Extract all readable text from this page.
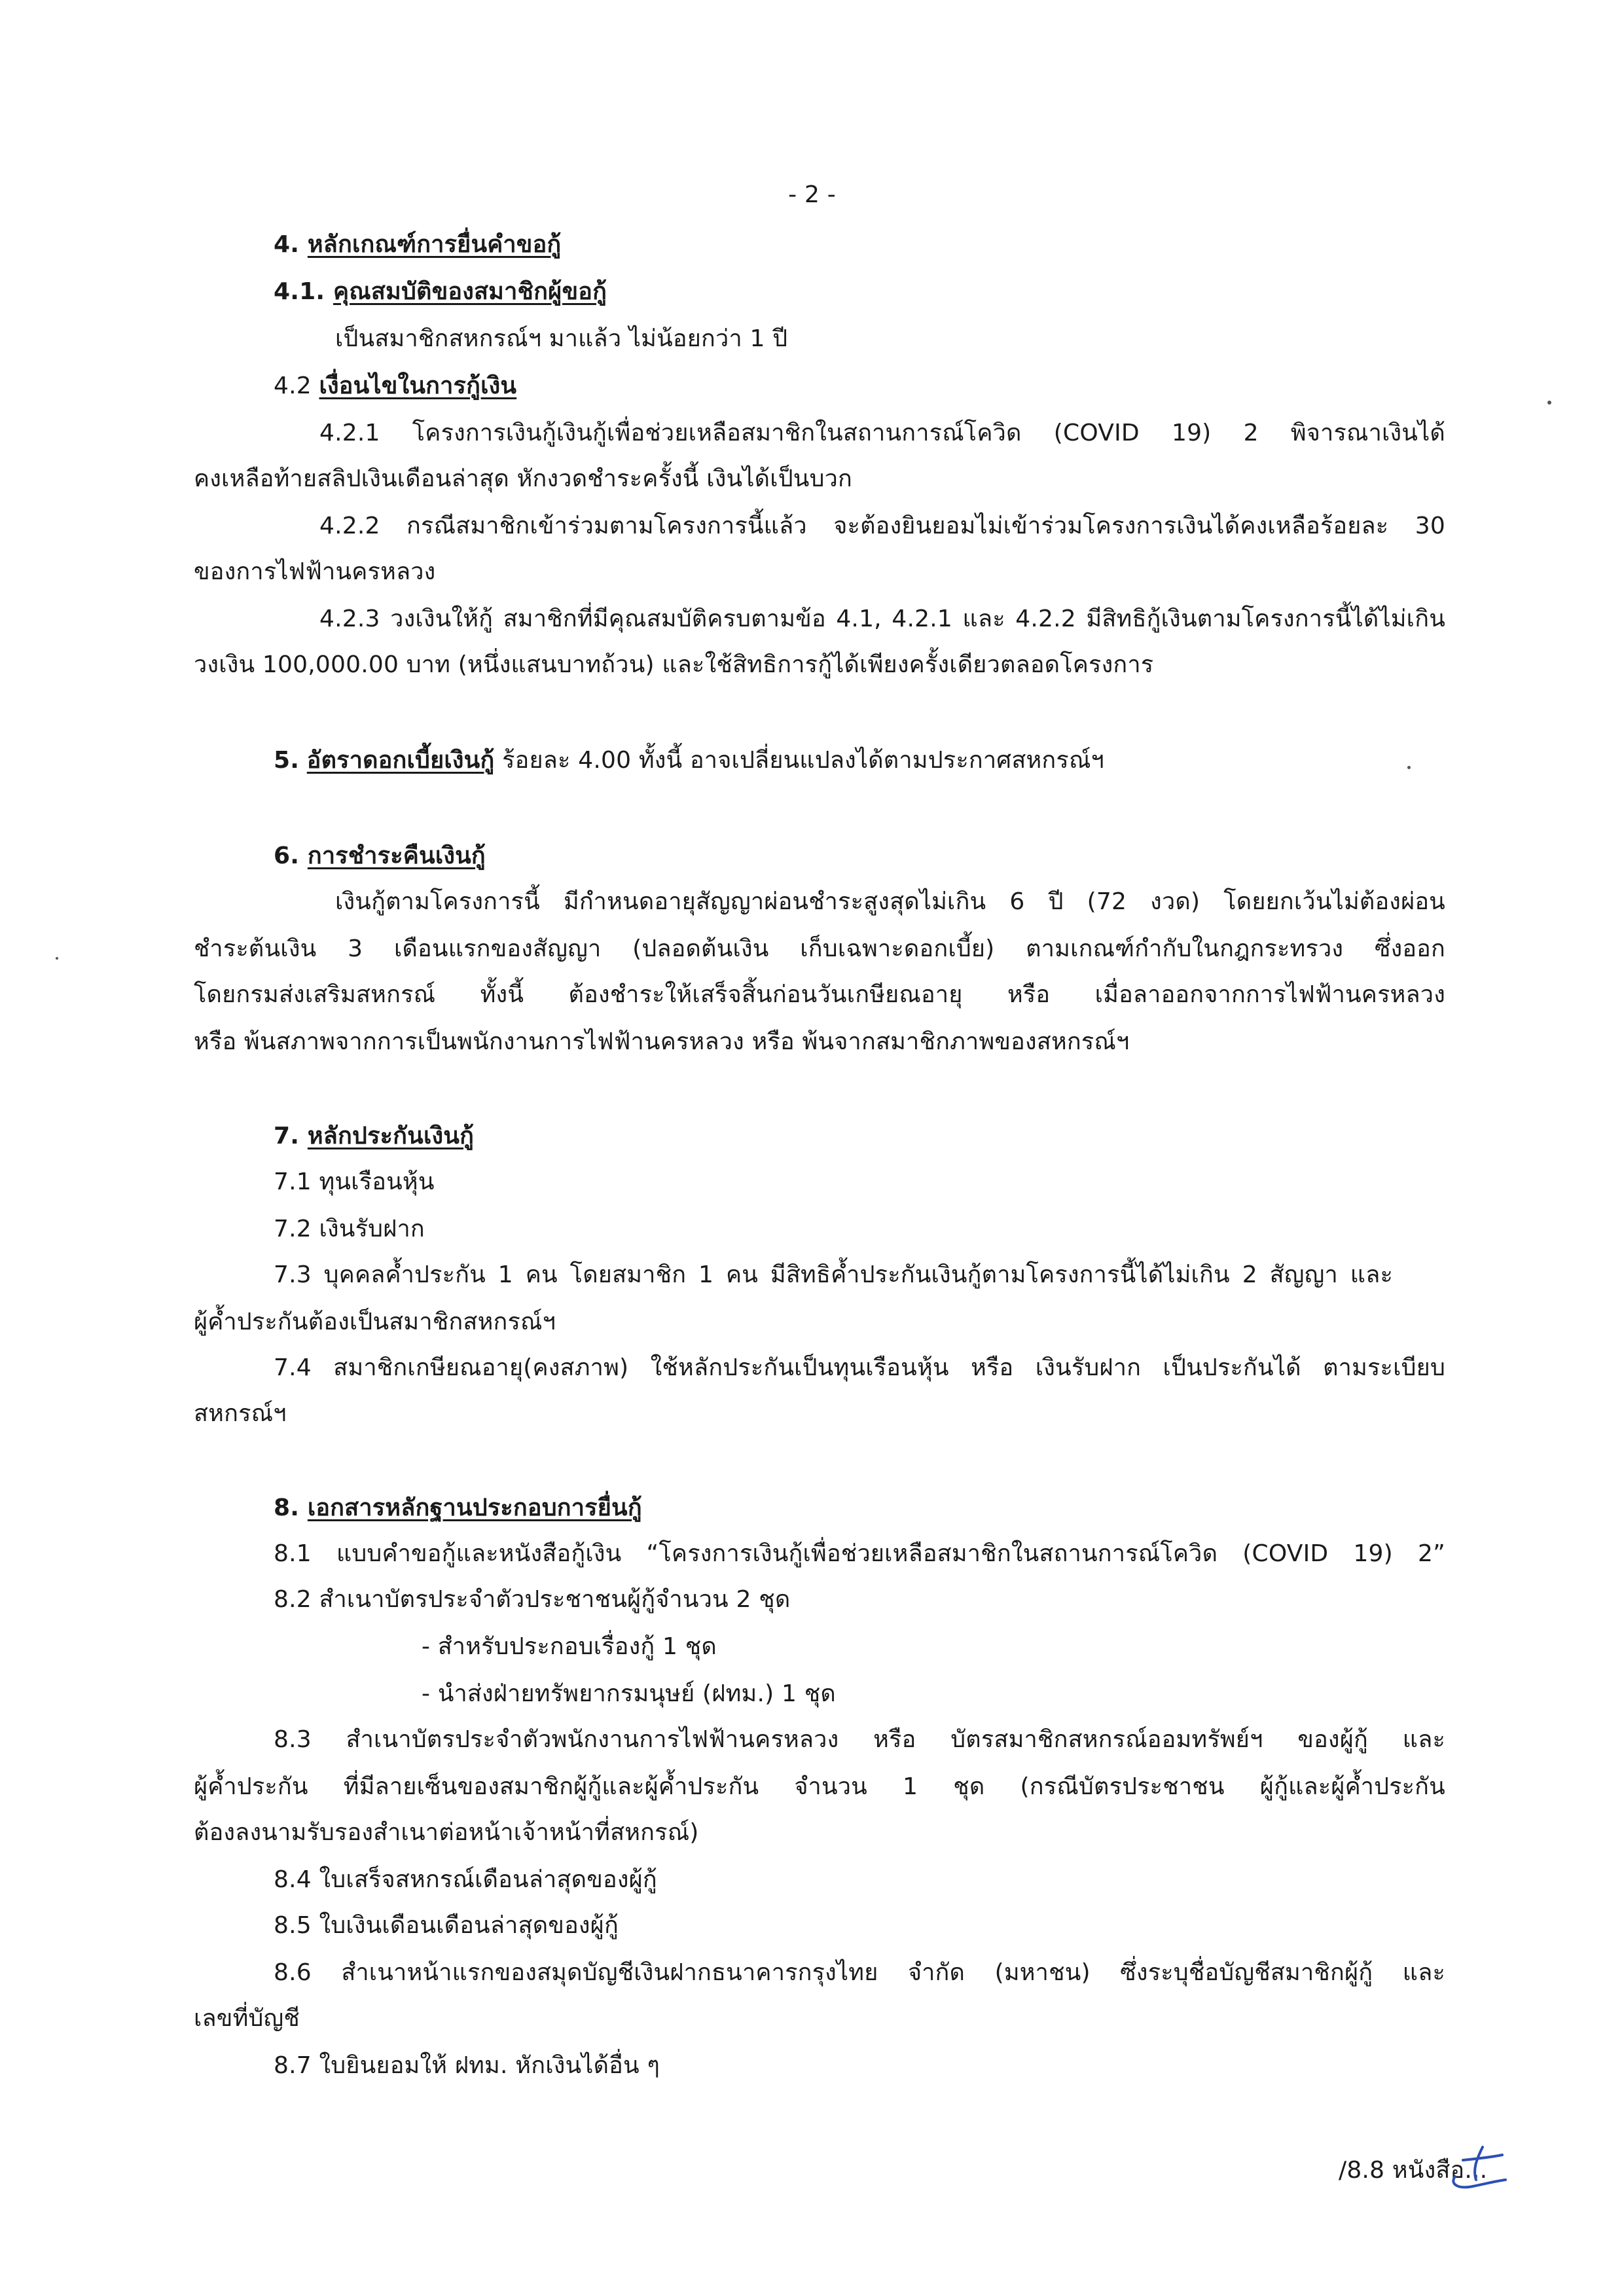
- 2 -
4. หลักเกณฑ์การยื่นคำขอกู้
4.1. คุณสมบัติของสมาชิกผู้ขอกู้
เป็นสมาชิกสหกรณ์ฯ มาแล้ว ไม่น้อยกว่า 1 ปี
4.2 เงื่อนไขในการกู้เงิน
4.2.1 โครงการเงินกู้เงินกู้เพื่อช่วยเหลือสมาชิกในสถานการณ์โควิด (COVID 19) 2 พิจารณาเงินได้
คงเหลือท้ายสลิปเงินเดือนล่าสุด หักงวดชำระครั้งนี้ เงินได้เป็นบวก
4.2.2 กรณีสมาชิกเข้าร่วมตามโครงการนี้แล้ว จะต้องยินยอมไม่เข้าร่วมโครงการเงินได้คงเหลือร้อยละ 30
ของการไฟฟ้านครหลวง
4.2.3 วงเงินให้กู้ สมาชิกที่มีคุณสมบัติครบตามข้อ 4.1, 4.2.1 และ 4.2.2 มีสิทธิกู้เงินตามโครงการนี้ได้ไม่เกิน
วงเงิน 100,000.00 บาท (หนึ่งแสนบาทถ้วน) และใช้สิทธิการกู้ได้เพียงครั้งเดียวตลอดโครงการ
5. อัตราดอกเบี้ยเงินกู้ ร้อยละ 4.00 ทั้งนี้ อาจเปลี่ยนแปลงได้ตามประกาศสหกรณ์ฯ
6. การชำระคืนเงินกู้
เงินกู้ตามโครงการนี้ มีกำหนดอายุสัญญาผ่อนชำระสูงสุดไม่เกิน 6 ปี (72 งวด) โดยยกเว้นไม่ต้องผ่อน
ชำระต้นเงิน 3 เดือนแรกของสัญญา (ปลอดต้นเงิน เก็บเฉพาะดอกเบี้ย) ตามเกณฑ์กำกับในกฎกระทรวง ซึ่งออก
โดยกรมส่งเสริมสหกรณ์ ทั้งนี้ ต้องชำระให้เสร็จสิ้นก่อนวันเกษียณอายุ หรือ เมื่อลาออกจากการไฟฟ้านครหลวง
หรือ พ้นสภาพจากการเป็นพนักงานการไฟฟ้านครหลวง หรือ พ้นจากสมาชิกภาพของสหกรณ์ฯ
7. หลักประกันเงินกู้
7.1 ทุนเรือนหุ้น
7.2 เงินรับฝาก
7.3 บุคคลค้ำประกัน 1 คน โดยสมาชิก 1 คน มีสิทธิค้ำประกันเงินกู้ตามโครงการนี้ได้ไม่เกิน 2 สัญญา และ
ผู้ค้ำประกันต้องเป็นสมาชิกสหกรณ์ฯ
7.4 สมาชิกเกษียณอายุ(คงสภาพ) ใช้หลักประกันเป็นทุนเรือนหุ้น หรือ เงินรับฝาก เป็นประกันได้ ตามระเบียบ
สหกรณ์ฯ
8. เอกสารหลักฐานประกอบการยื่นกู้
8.1 แบบคำขอกู้และหนังสือกู้เงิน “โครงการเงินกู้เพื่อช่วยเหลือสมาชิกในสถานการณ์โควิด (COVID 19) 2”
8.2 สำเนาบัตรประจำตัวประชาชนผู้กู้จำนวน 2 ชุด
- สำหรับประกอบเรื่องกู้ 1 ชุด
- นำส่งฝ่ายทรัพยากรมนุษย์ (ฝทม.) 1 ชุด
8.3 สำเนาบัตรประจำตัวพนักงานการไฟฟ้านครหลวง หรือ บัตรสมาชิกสหกรณ์ออมทรัพย์ฯ ของผู้กู้ และ
ผู้ค้ำประกัน ที่มีลายเซ็นของสมาชิกผู้กู้และผู้ค้ำประกัน จำนวน 1 ชุด (กรณีบัตรประชาชน ผู้กู้และผู้ค้ำประกัน
ต้องลงนามรับรองสำเนาต่อหน้าเจ้าหน้าที่สหกรณ์)
8.4 ใบเสร็จสหกรณ์เดือนล่าสุดของผู้กู้
8.5 ใบเงินเดือนเดือนล่าสุดของผู้กู้
8.6 สำเนาหน้าแรกของสมุดบัญชีเงินฝากธนาคารกรุงไทย จำกัด (มหาชน) ซึ่งระบุชื่อบัญชีสมาชิกผู้กู้ และ
เลขที่บัญชี
8.7 ใบยินยอมให้ ฝทม. หักเงินได้อื่น ๆ
/8.8 หนังสือ...
